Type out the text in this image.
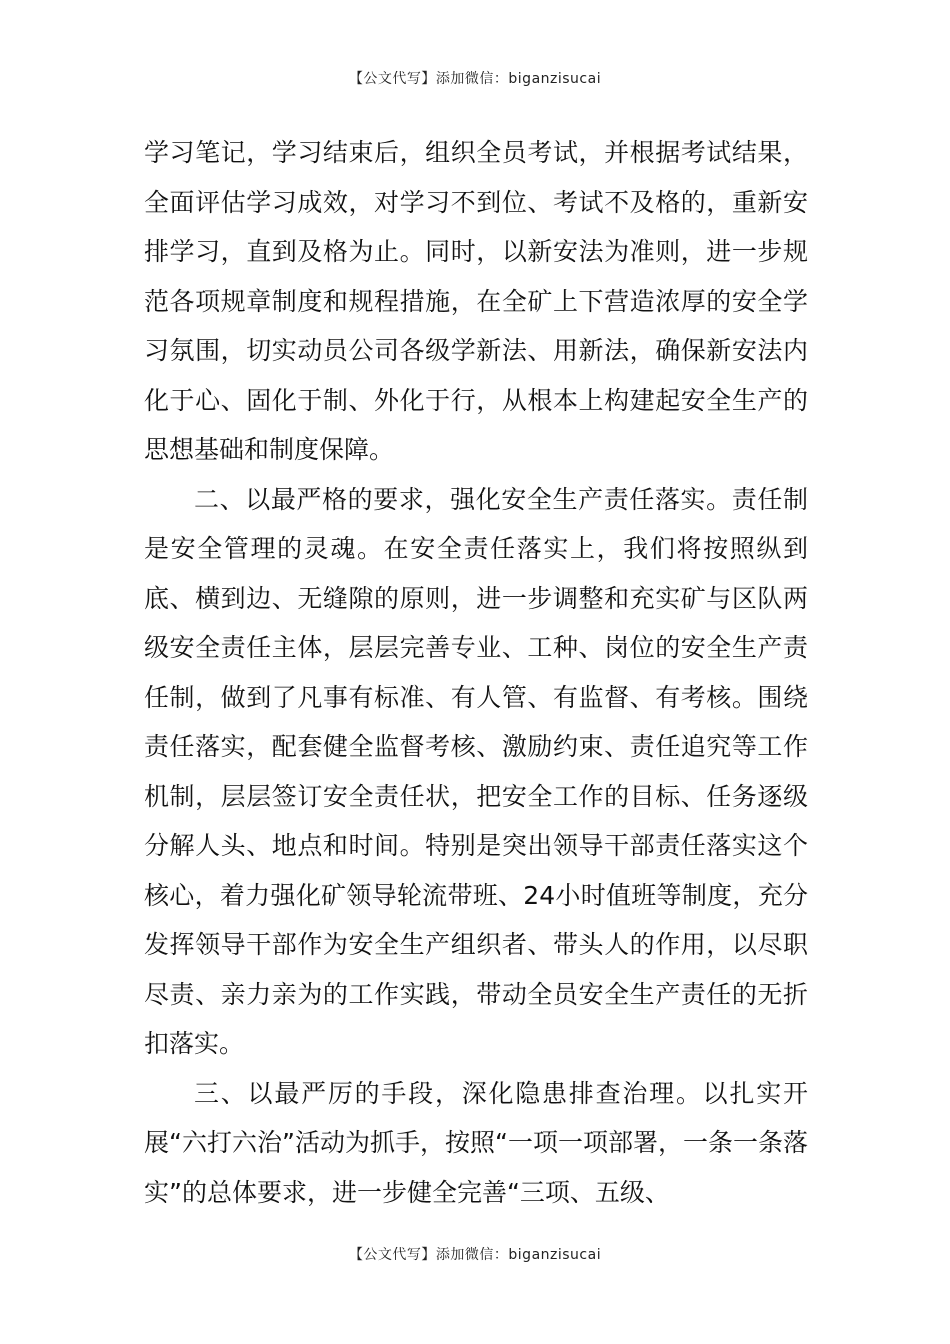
【公文代写】添加微信：biganzisucai

学习笔记，学习结束后，组织全员考试，并根据考试结果，全面评估学习成效，对学习不到位、考试不及格的，重新安排学习，直到及格为止。同时，以新安法为准则，进一步规范各项规章制度和规程措施，在全矿上下营造浓厚的安全学习氛围，切实动员公司各级学新法、用新法，确保新安法内化于心、固化于制、外化于行，从根本上构建起安全生产的思想基础和制度保障。

二、以最严格的要求，强化安全生产责任落实。责任制是安全管理的灵魂。在安全责任落实上，我们将按照纵到底、横到边、无缝隙的原则，进一步调整和充实矿与区队两级安全责任主体，层层完善专业、工种、岗位的安全生产责任制，做到了凡事有标准、有人管、有监督、有考核。围绕责任落实，配套健全监督考核、激励约束、责任追究等工作机制，层层签订安全责任状，把安全工作的目标、任务逐级分解人头、地点和时间。特别是突出领导干部责任落实这个核心，着力强化矿领导轮流带班、24小时值班等制度，充分发挥领导干部作为安全生产组织者、带头人的作用，以尽职尽责、亲力亲为的工作实践，带动全员安全生产责任的无折扣落实。

三、以最严厉的手段，深化隐患排查治理。以扎实开展“六打六治”活动为抓手，按照“一项一项部署，一条一条落实”的总体要求，进一步健全完善“三项、五级、

【公文代写】添加微信：biganzisucai
